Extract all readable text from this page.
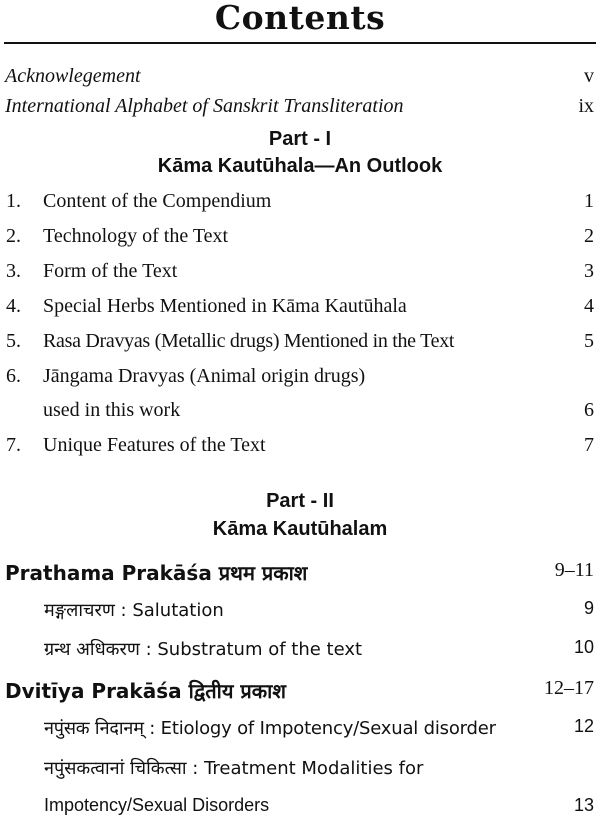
Contents
Acknowlegement	v
International Alphabet of Sanskrit Transliteration	ix
Part - I
Kāma Kautūhala—An Outlook
1. Content of the Compendium	1
2. Technology of the Text	2
3. Form of the Text	3
4. Special Herbs Mentioned in Kāma Kautūhala	4
5. Rasa Dravyas (Metallic drugs) Mentioned in the Text	5
6. Jāngama Dravyas (Animal origin drugs)
used in this work	6
7. Unique Features of the Text	7
Part - II
Kāma Kautūhalam
Prathama Prakāśa प्रथम प्रकाश	9–11
मङ्गलाचरण : Salutation	9
ग्रन्थ अधिकरण : Substratum of the text	10
Dvitīya Prakāśa द्वितीय प्रकाश	12–17
नपुंसक निदानम् : Etiology of Impotency/Sexual disorder	12
नपुंसकत्वानां चिकित्सा : Treatment Modalities for
Impotency/Sexual Disorders	13
